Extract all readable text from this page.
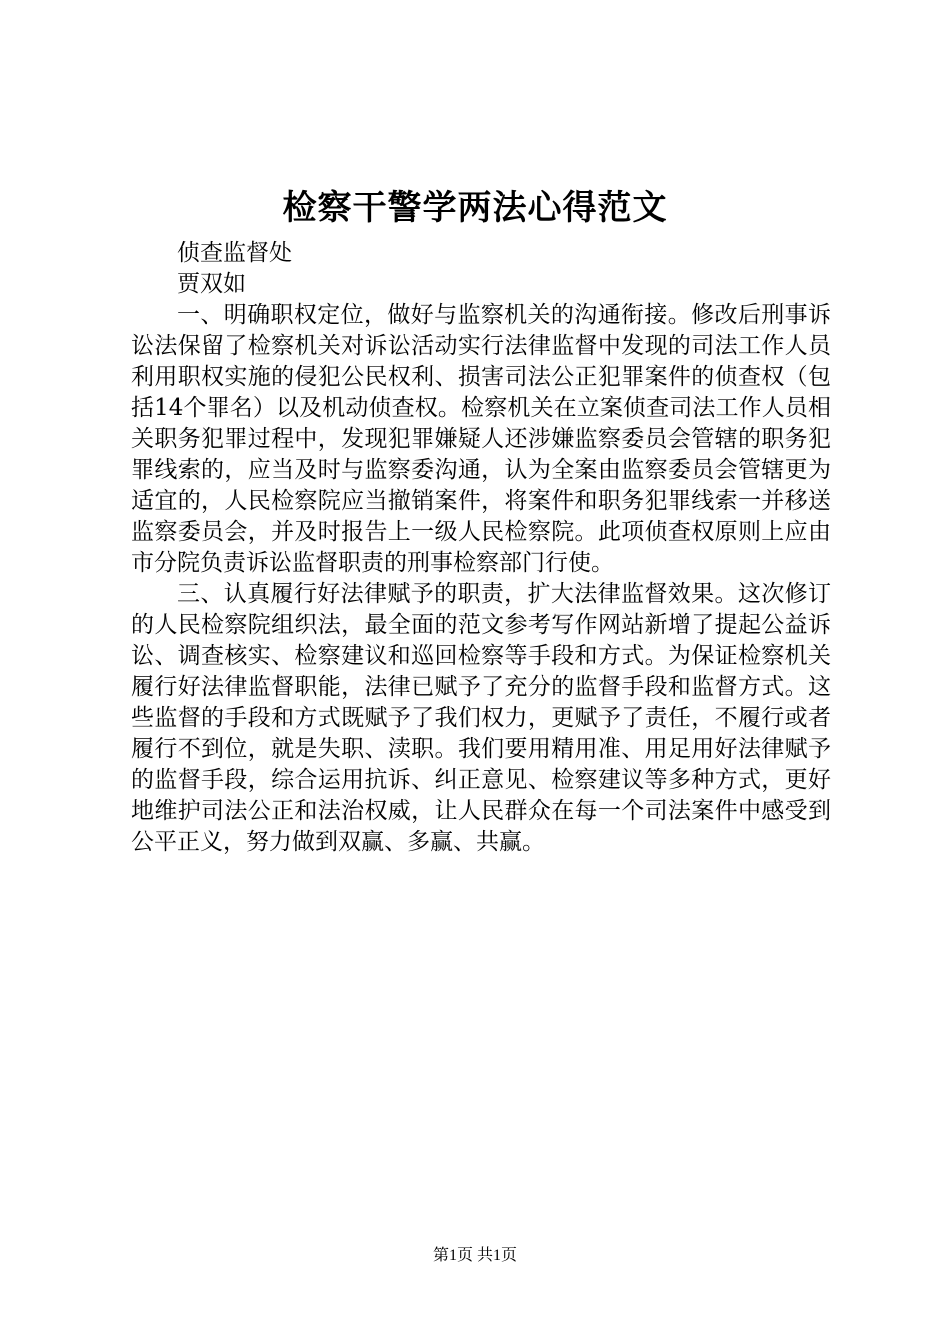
检察干警学两法心得范文

侦查监督处

贾双如

一、明确职权定位，做好与监察机关的沟通衔接。修改后刑事诉讼法保留了检察机关对诉讼活动实行法律监督中发现的司法工作人员利用职权实施的侵犯公民权利、损害司法公正犯罪案件的侦查权（包括14个罪名）以及机动侦查权。检察机关在立案侦查司法工作人员相关职务犯罪过程中，发现犯罪嫌疑人还涉嫌监察委员会管辖的职务犯罪线索的，应当及时与监察委沟通，认为全案由监察委员会管辖更为适宜的，人民检察院应当撤销案件，将案件和职务犯罪线索一并移送监察委员会，并及时报告上一级人民检察院。此项侦查权原则上应由市分院负责诉讼监督职责的刑事检察部门行使。

三、认真履行好法律赋予的职责，扩大法律监督效果。这次修订的人民检察院组织法，最全面的范文参考写作网站新增了提起公益诉讼、调查核实、检察建议和巡回检察等手段和方式。为保证检察机关履行好法律监督职能，法律已赋予了充分的监督手段和监督方式。这些监督的手段和方式既赋予了我们权力，更赋予了责任，不履行或者履行不到位，就是失职、渎职。我们要用精用准、用足用好法律赋予的监督手段，综合运用抗诉、纠正意见、检察建议等多种方式，更好地维护司法公正和法治权威，让人民群众在每一个司法案件中感受到公平正义，努力做到双赢、多赢、共赢。

第1页 共1页
